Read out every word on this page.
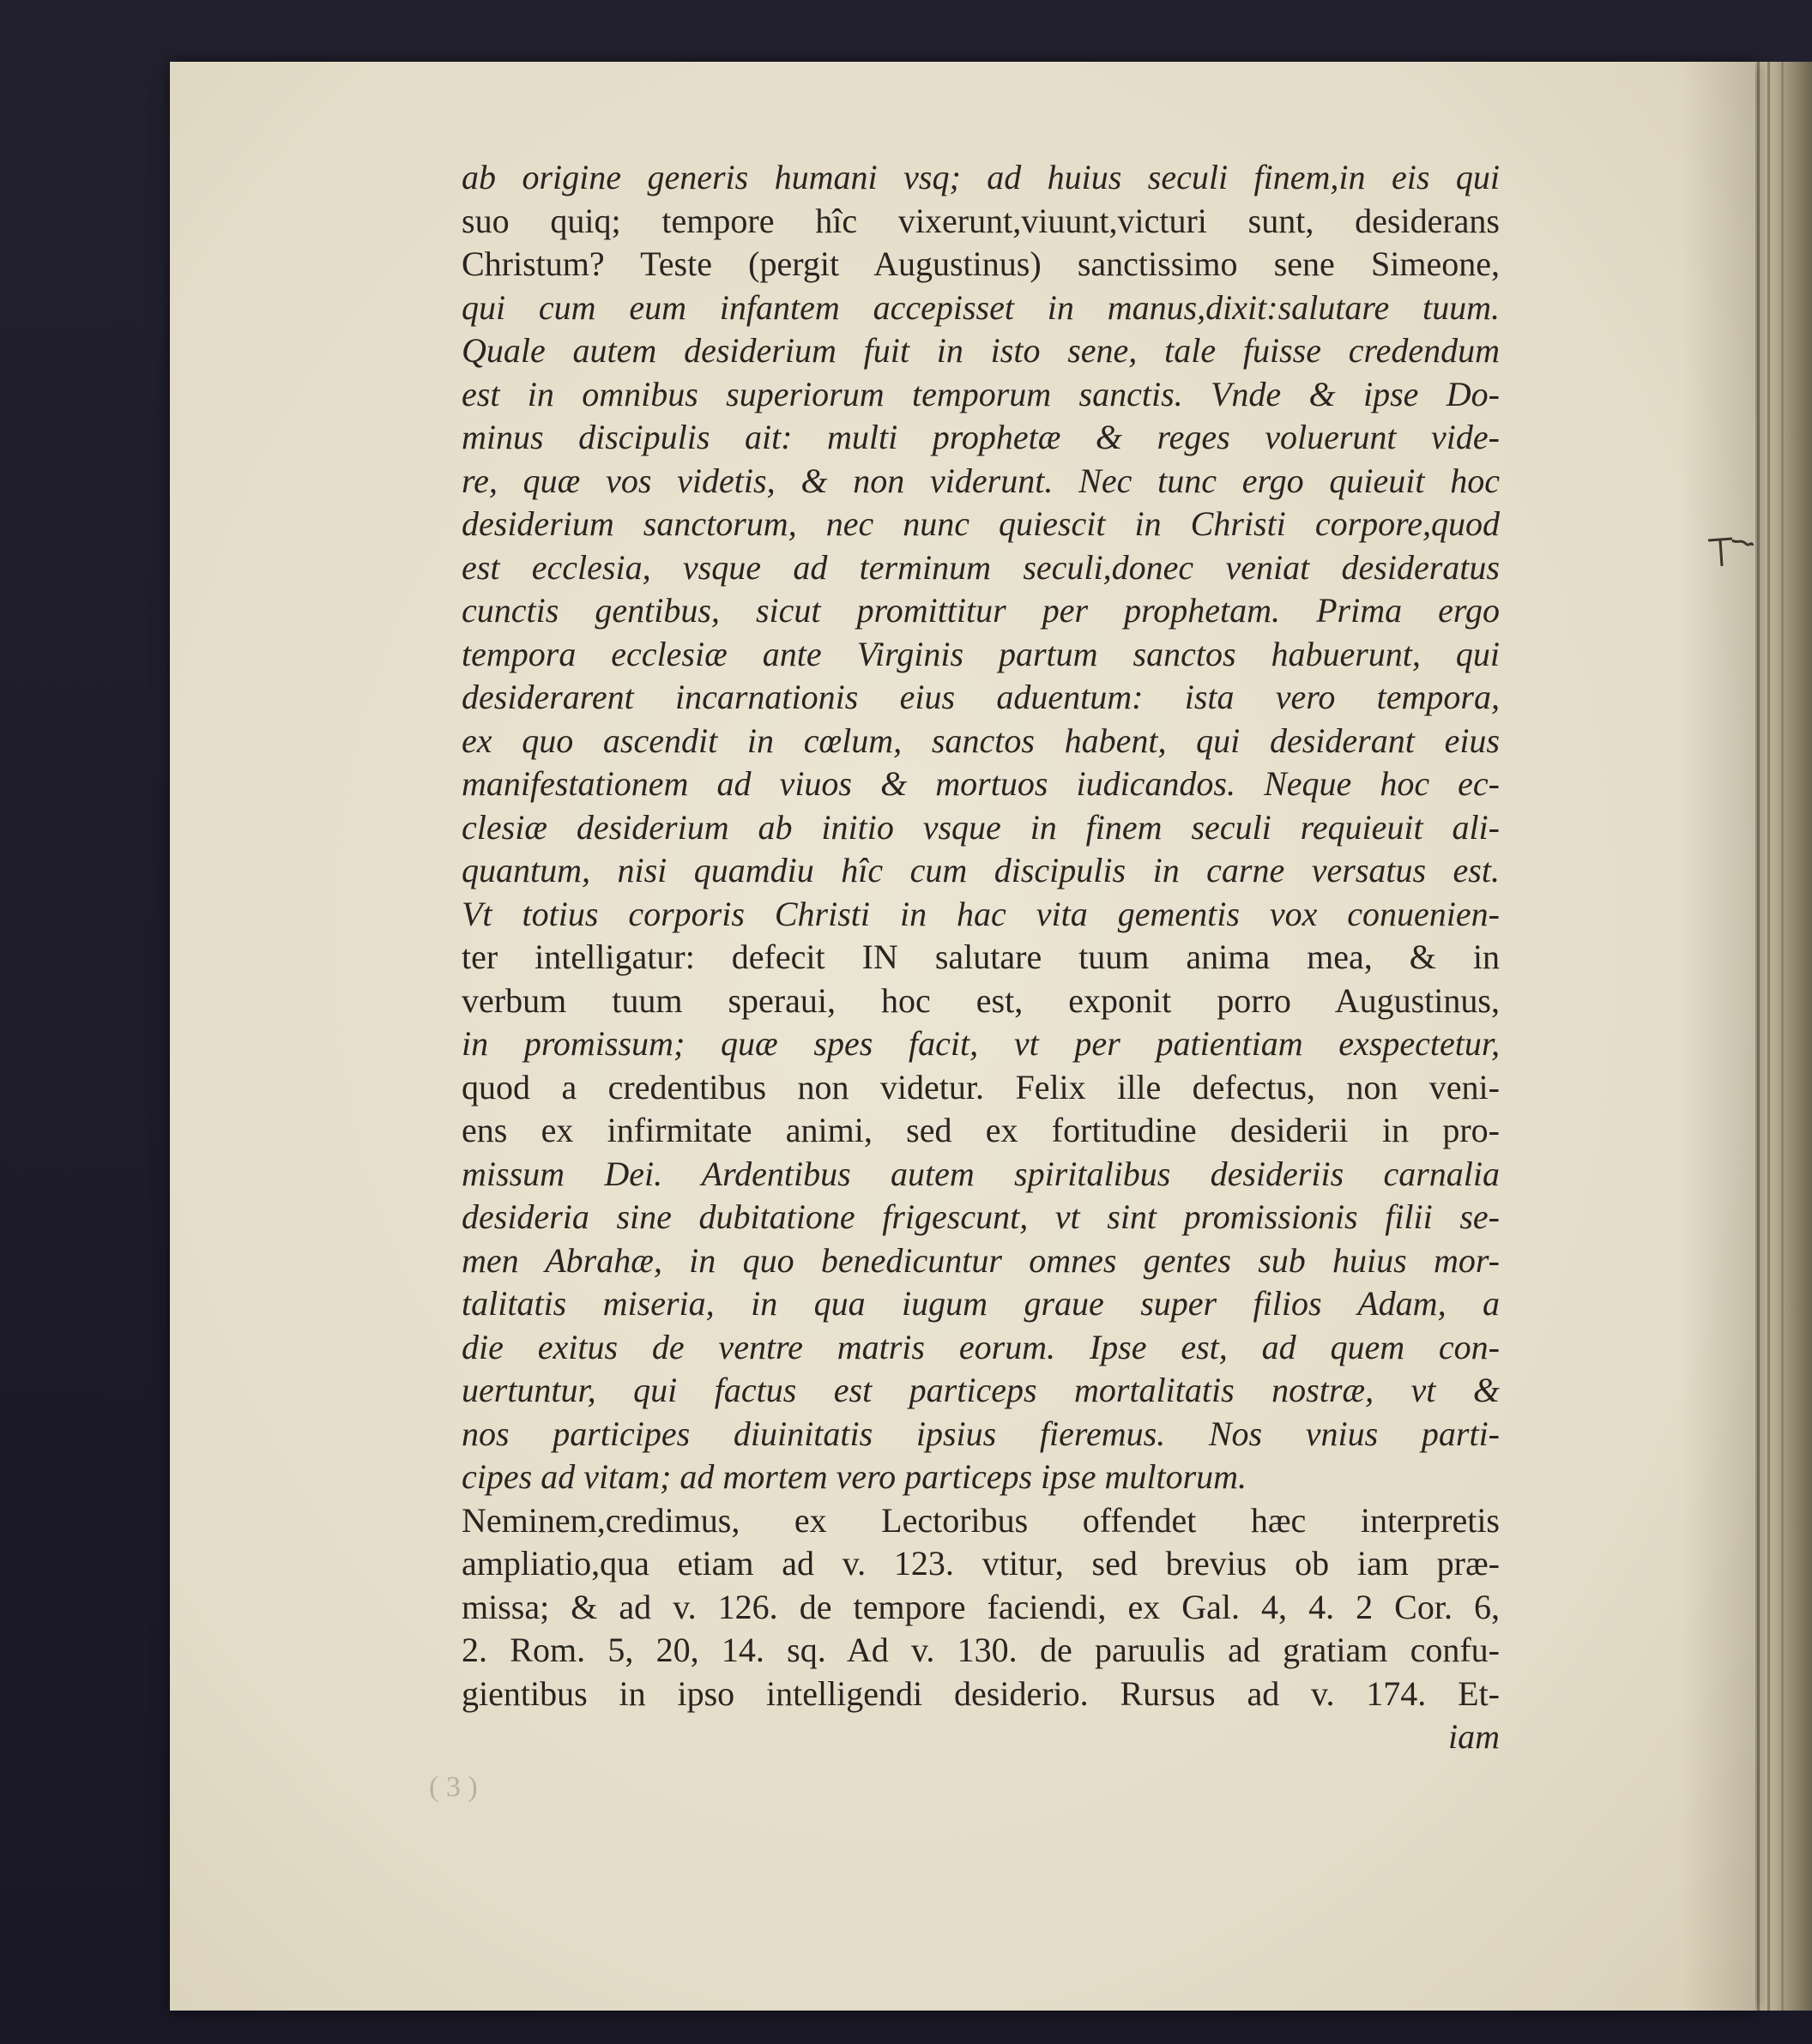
ab origine generis humani vsq; ad huius seculi finem,in eis qui
suo quiq; tempore hîc vixerunt,viuunt,victuri sunt, desiderans
Christum? Teste (pergit Augustinus) sanctissimo sene Simeone,
qui cum eum infantem accepisset in manus,dixit:salutare tuum.
Quale autem desiderium fuit in isto sene, tale fuisse credendum
est in omnibus superiorum temporum sanctis. Vnde & ipse Do-
minus discipulis ait: multi prophetæ & reges voluerunt vide-
re, quæ vos videtis, & non viderunt. Nec tunc ergo quieuit hoc
desiderium sanctorum, nec nunc quiescit in Christi corpore,quod
est ecclesia, vsque ad terminum seculi,donec veniat desideratus
cunctis gentibus, sicut promittitur per prophetam. Prima ergo
tempora ecclesiæ ante Virginis partum sanctos habuerunt, qui
desiderarent incarnationis eius aduentum: ista vero tempora,
ex quo ascendit in cœlum, sanctos habent, qui desiderant eius
manifestationem ad viuos & mortuos iudicandos. Neque hoc ec-
clesiæ desiderium ab initio vsque in finem seculi requieuit ali-
quantum, nisi quamdiu hîc cum discipulis in carne versatus est.
Vt totius corporis Christi in hac vita gementis vox conuenien-
ter intelligatur: defecit IN salutare tuum anima mea, & in
verbum tuum speraui, hoc est, exponit porro Augustinus,
in promissum; quæ spes facit, vt per patientiam exspectetur,
quod a credentibus non videtur. Felix ille defectus, non veni-
ens ex infirmitate animi, sed ex fortitudine desiderii in pro-
missum Dei. Ardentibus autem spiritalibus desideriis carnalia
desideria sine dubitatione frigescunt, vt sint promissionis filii se-
men Abrahæ, in quo benedicuntur omnes gentes sub huius mor-
talitatis miseria, in qua iugum graue super filios Adam, a
die exitus de ventre matris eorum. Ipse est, ad quem con-
uertuntur, qui factus est particeps mortalitatis nostræ, vt &
nos participes diuinitatis ipsius fieremus. Nos vnius parti-
cipes ad vitam; ad mortem vero particeps ipse multorum.
Neminem,credimus, ex Lectoribus offendet hæc interpretis
ampliatio,qua etiam ad v. 123. vtitur, sed brevius ob iam præ-
missa; & ad v. 126. de tempore faciendi, ex Gal. 4, 4. 2 Cor. 6,
2. Rom. 5, 20, 14. sq. Ad v. 130. de paruulis ad gratiam confu-
gientibus in ipso intelligendi desiderio. Rursus ad v. 174. Et-
iam
( 3 )
